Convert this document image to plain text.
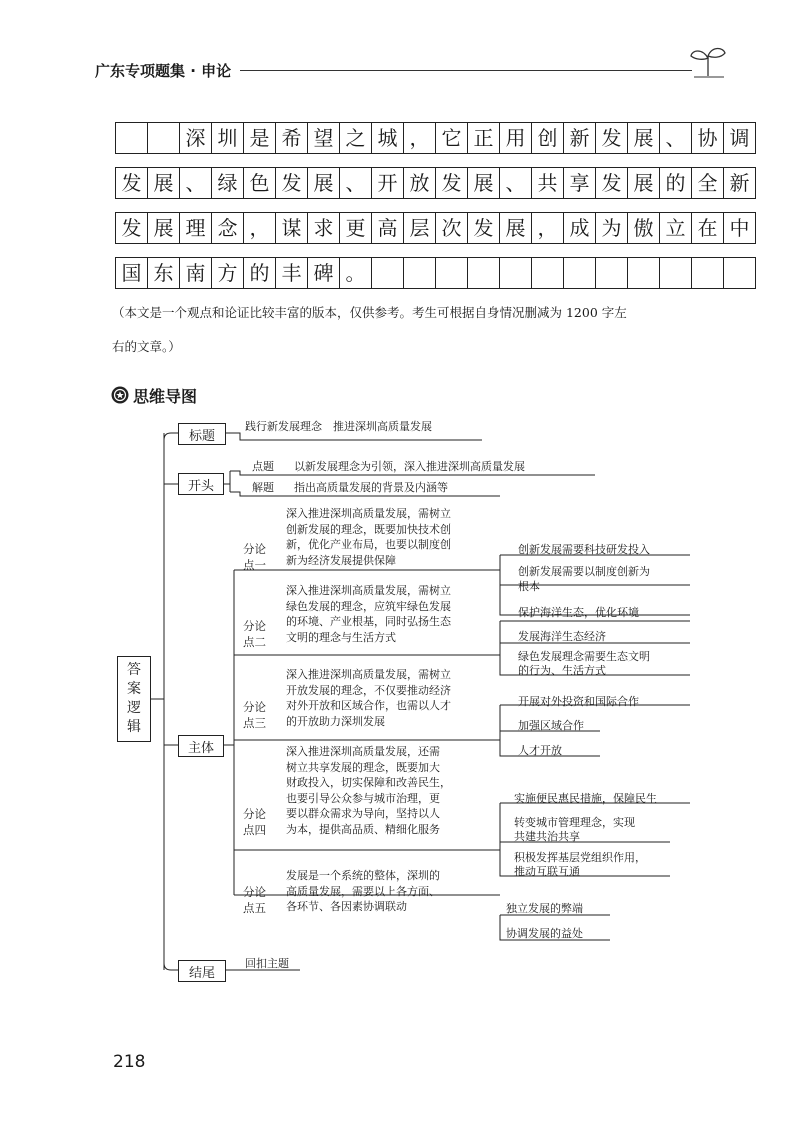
广东专项题集 · 申论
深 圳 是 希 望 之 城 ， 它 正 用 创 新 发 展 、 协 调
发 展 、 绿 色 发 展 、 开 放 发 展 、 共 享 发 展 的 全 新
发 展 理 念 ， 谋 求 更 高 层 次 发 展 ， 成 为 傲 立 在 中
国 东 南 方 的 丰 碑 。
（本文是一个观点和论证比较丰富的版本，仅供参考。考生可根据自身情况删减为 1200 字左
右的文章。）
思维导图
答
案
逻
辑
标题
践行新发展理念　推进深圳高质量发展
开头
点题 以新发展理念为引领，深入推进深圳高质量发展
解题 指出高质量发展的背景及内涵等
主体
分论
点一
深入推进深圳高质量发展，需树立
创新发展的理念，既要加快技术创
新，优化产业布局，也要以制度创
新为经济发展提供保障
创新发展需要科技研发投入
创新发展需要以制度创新为
根本
分论
点二
深入推进深圳高质量发展，需树立
绿色发展的理念，应筑牢绿色发展
的环境、产业根基，同时弘扬生态
文明的理念与生活方式
保护海洋生态，优化环境
发展海洋生态经济
绿色发展理念需要生态文明
的行为、生活方式
分论
点三
深入推进深圳高质量发展，需树立
开放发展的理念，不仅要推动经济
对外开放和区域合作，也需以人才
的开放助力深圳发展
开展对外投资和国际合作
加强区域合作
人才开放
分论
点四
深入推进深圳高质量发展，还需
树立共享发展的理念，既要加大
财政投入，切实保障和改善民生，
也要引导公众参与城市治理，更
要以群众需求为导向，坚持以人
为本，提供高品质、精细化服务
实施便民惠民措施，保障民生
转变城市管理理念，实现
共建共治共享
积极发挥基层党组织作用，
推动互联互通
分论
点五
发展是一个系统的整体，深圳的
高质量发展，需要以上各方面、
各环节、各因素协调联动	独立发展的弊端
协调发展的益处
结尾
回扣主题
218
